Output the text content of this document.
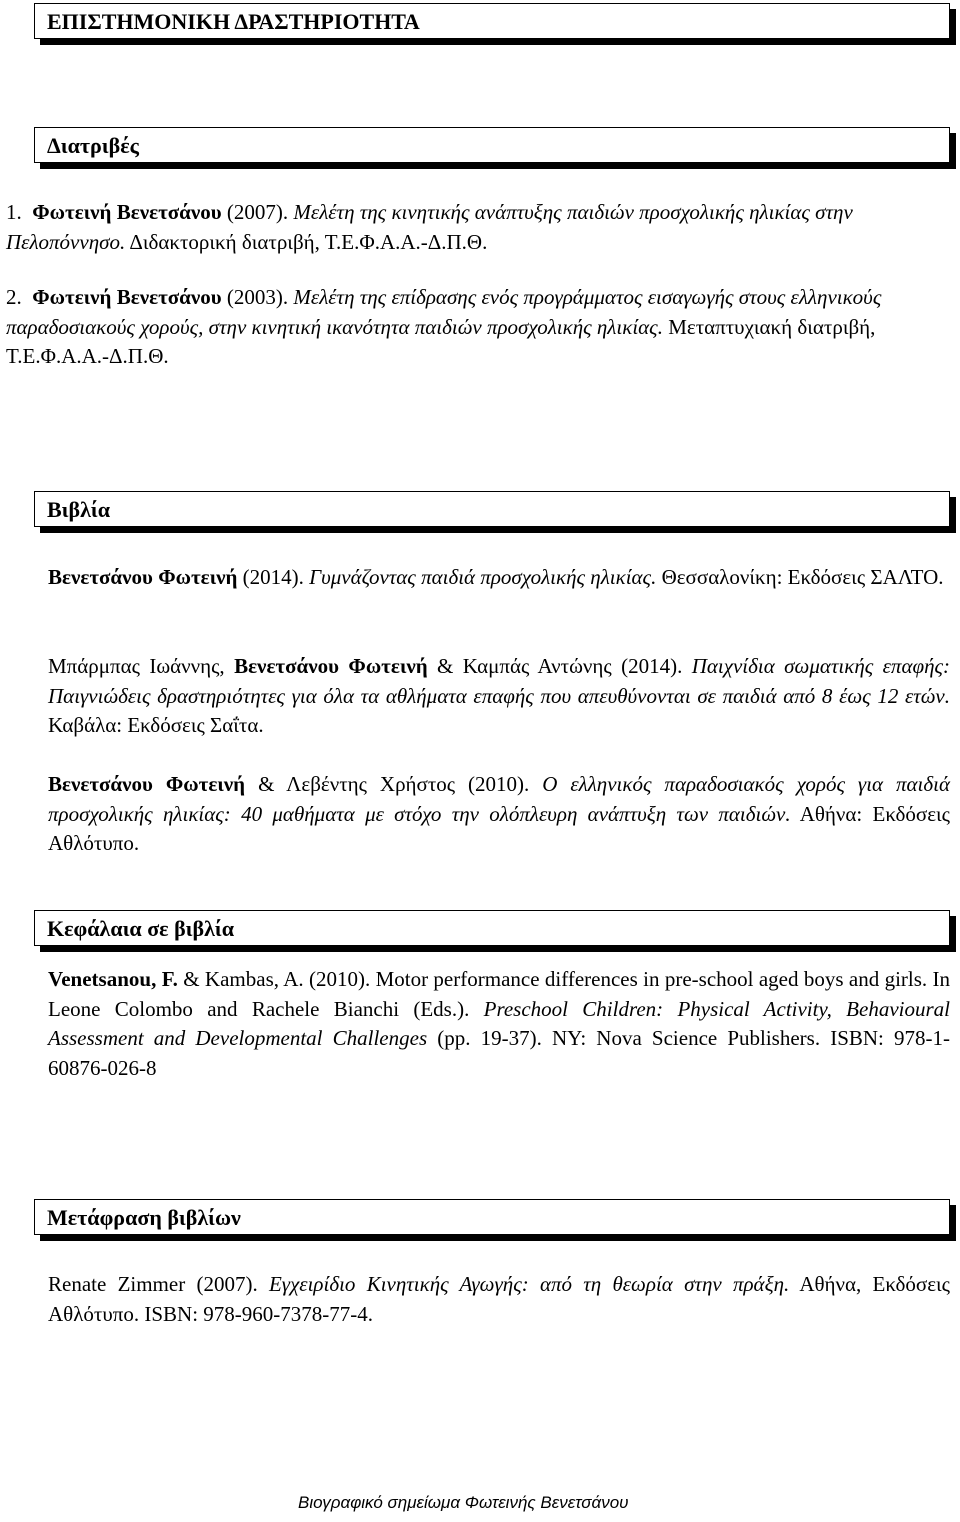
ΕΠΙΣΤΗΜΟΝΙΚΗ ΔΡΑΣΤΗΡΙΟΤΗΤΑ
Διατριβές
1. Φωτεινή Βενετσάνου (2007). Μελέτη της κινητικής ανάπτυξης παιδιών προσχολικής ηλικίας στην Πελοπόννησο. Διδακτορική διατριβή, Τ.Ε.Φ.Α.Α.-Δ.Π.Θ.
2. Φωτεινή Βενετσάνου (2003). Μελέτη της επίδρασης ενός προγράμματος εισαγωγής στους ελληνικούς παραδοσιακούς χορούς, στην κινητική ικανότητα παιδιών προσχολικής ηλικίας. Μεταπτυχιακή διατριβή, Τ.Ε.Φ.Α.Α.-Δ.Π.Θ.
Βιβλία
Βενετσάνου Φωτεινή (2014). Γυμνάζοντας παιδιά προσχολικής ηλικίας. Θεσσαλονίκη: Εκδόσεις ΣΑΛΤΟ.
Μπάρμπας Ιωάννης, Βενετσάνου Φωτεινή & Καμπάς Αντώνης (2014). Παιχνίδια σωματικής επαφής: Παιγνιώδεις δραστηριότητες για όλα τα αθλήματα επαφής που απευθύνονται σε παιδιά από 8 έως 12 ετών. Καβάλα: Εκδόσεις Σαΐτα.
Βενετσάνου Φωτεινή & Λεβέντης Χρήστος (2010). Ο ελληνικός παραδοσιακός χορός για παιδιά προσχολικής ηλικίας: 40 μαθήματα με στόχο την ολόπλευρη ανάπτυξη των παιδιών. Αθήνα: Εκδόσεις Αθλότυπο.
Κεφάλαια σε βιβλία
Venetsanou, F. & Kambas, A. (2010). Motor performance differences in pre-school aged boys and girls. In Leone Colombo and Rachele Bianchi (Eds.). Preschool Children: Physical Activity, Behavioural Assessment and Developmental Challenges (pp. 19-37). NY: Nova Science Publishers. ISBN: 978-1-60876-026-8
Μετάφραση βιβλίων
Renate Zimmer (2007). Εγχειρίδιο Κινητικής Αγωγής: από τη θεωρία στην πράξη. Αθήνα, Εκδόσεις Αθλότυπο. ISBN: 978-960-7378-77-4.
Βιογραφικό σημείωμα Φωτεινής Βενετσάνου
